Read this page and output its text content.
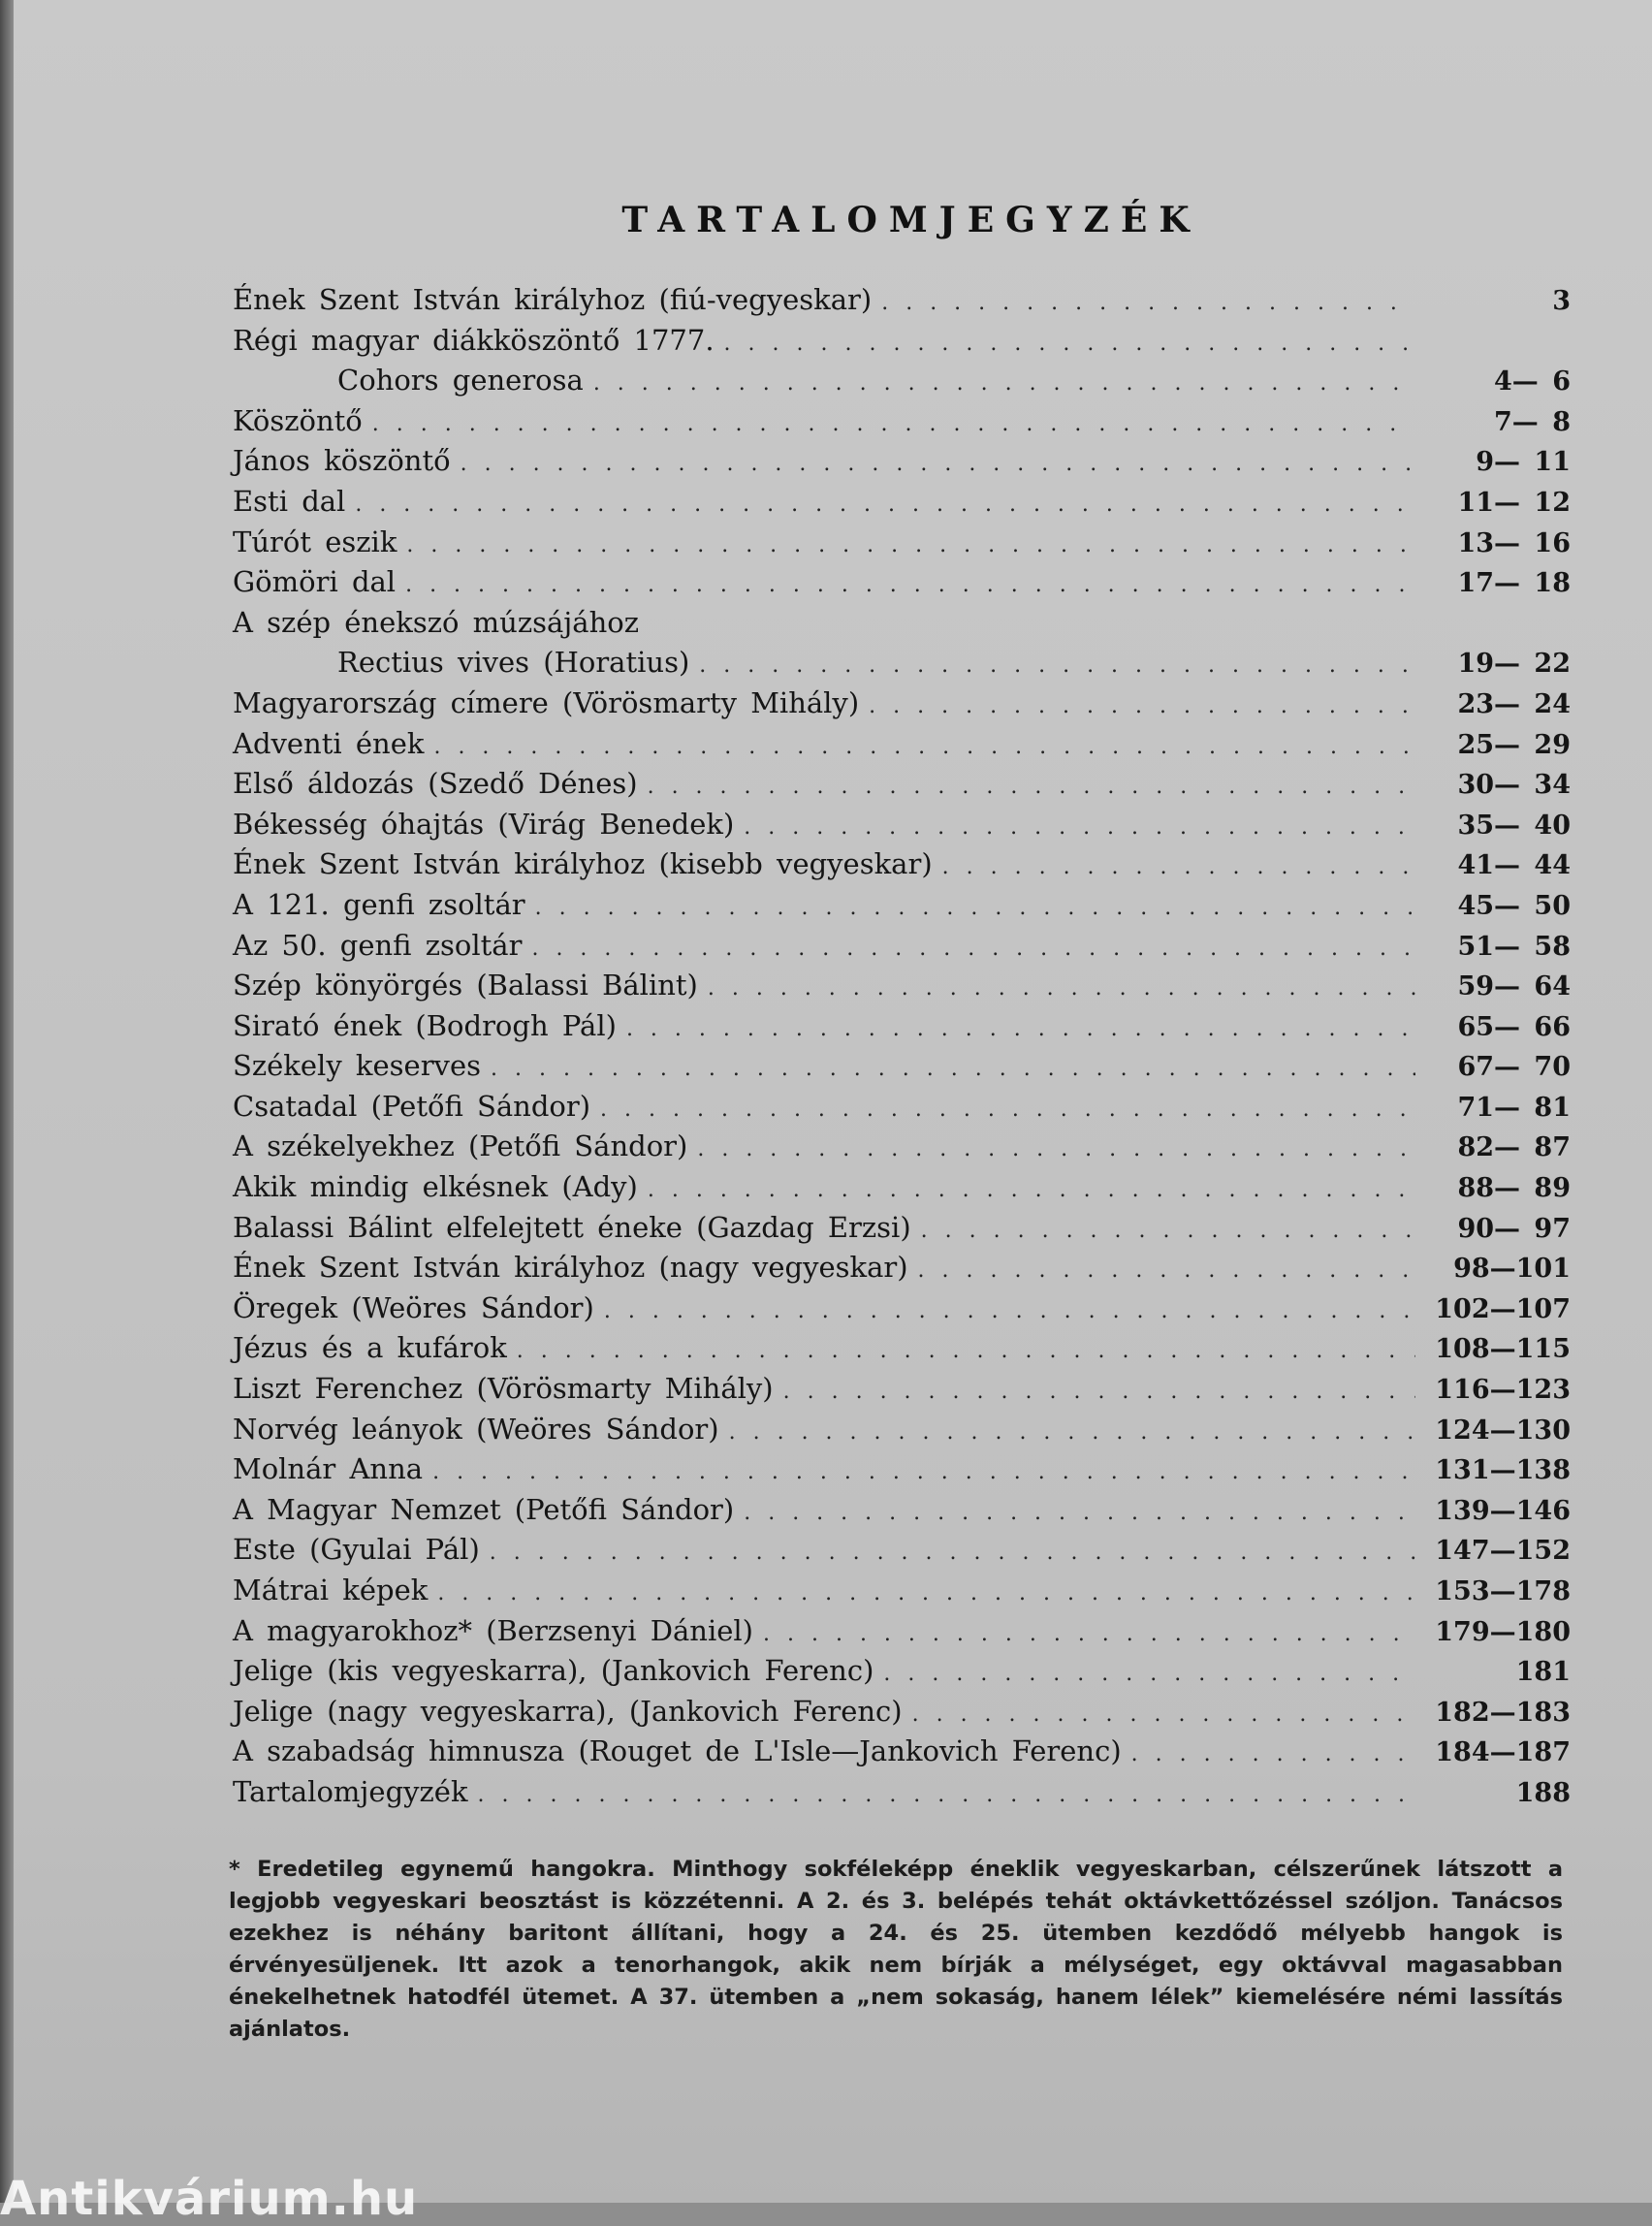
TARTALOMJEGYZÉK
Ének Szent István királyhoz (fiú-vegyeskar) . . .	3
Régi magyar diákköszöntő 1777.
. . .
Cohors generosa . . .	4— 6
Köszöntő . . .	7— 8
János köszöntő . . .	9— 11
Esti dal . . .	11— 12
Túrót eszik . . .	13— 16
Gömöri dal . . .	17— 18
A szép énekszó múzsájához
Rectius vives (Horatius) . . .	19— 22
Magyarország címere (Vörösmarty Mihály) . . .	23— 24
Adventi ének . . .	25— 29
Első áldozás (Szedő Dénes) . . .	30— 34
Békesség óhajtás (Virág Benedek) . . .	35— 40
Ének Szent István királyhoz (kisebb vegyeskar) . . .	41— 44
A 121. genfi zsoltár . . .	45— 50
Az 50. genfi zsoltár . . .	51— 58
Szép könyörgés (Balassi Bálint) . . .	59— 64
Sirató ének (Bodrogh Pál) . . .	65— 66
Székely keserves . . .	67— 70
Csatadal (Petőfi Sándor) . . .	71— 81
A székelyekhez (Petőfi Sándor) . . .	82— 87
Akik mindig elkésnek (Ady) . . .	88— 89
Balassi Bálint elfelejtett éneke (Gazdag Erzsi) . . .	90— 97
Ének Szent István királyhoz (nagy vegyeskar) . . .	98—101
Öregek (Weöres Sándor) . . .	102—107
Jézus és a kufárok . . .	108—115
Liszt Ferenchez (Vörösmarty Mihály) . . .	116—123
Norvég leányok (Weöres Sándor) . . .	124—130
Molnár Anna . . .	131—138
A Magyar Nemzet (Petőfi Sándor) . . .	139—146
Este (Gyulai Pál) . . .	147—152
Mátrai képek . . .	153—178
A magyarokhoz* (Berzsenyi Dániel) . . .	179—180
Jelige (kis vegyeskarra), (Jankovich Ferenc) . . .	181
Jelige (nagy vegyeskarra), (Jankovich Ferenc) . . .	182—183
A szabadság himnusza (Rouget de L'Isle—Jankovich Ferenc) . . .	184—187
Tartalomjegyzék . . .	188

* Eredetileg egynemű hangokra. Minthogy sokféleképp éneklik vegyeskarban, célszerűnek látszott a legjobb vegyeskari beosztást is közzétenni. A 2. és 3. belépés tehát oktávkettőzéssel szóljon. Tanácsos ezekhez is néhány baritont állítani, hogy a 24. és 25. ütemben kezdődő mélyebb hangok is érvényesüljenek. Itt azok a tenorhangok, akik nem bírják a mélységet, egy oktávval magasabban énekelhetnek hatodfél ütemet. A 37. ütemben a „nem sokaság, hanem lélek” kiemelésére némi lassítás ajánlatos.

Antikvárium.hu
